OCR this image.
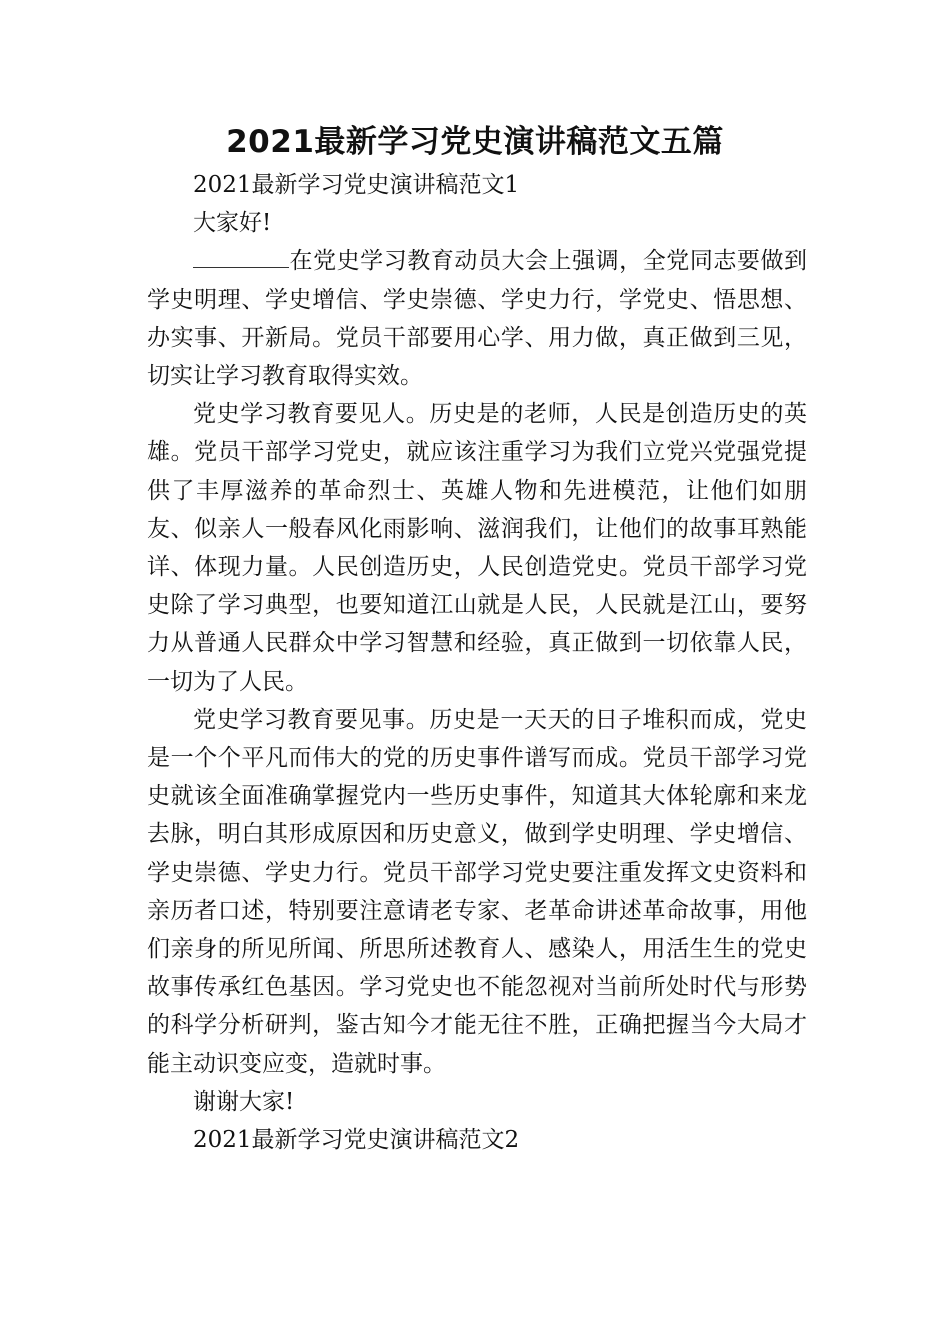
2021最新学习党史演讲稿范文五篇

2021最新学习党史演讲稿范文1

大家好!

在党史学习教育动员大会上强调，全党同志要做到学史明理、学史增信、学史崇德、学史力行，学党史、悟思想、办实事、开新局。党员干部要用心学、用力做，真正做到三见，切实让学习教育取得实效。

党史学习教育要见人。历史是的老师，人民是创造历史的英雄。党员干部学习党史，就应该注重学习为我们立党兴党强党提供了丰厚滋养的革命烈士、英雄人物和先进模范，让他们如朋友、似亲人一般春风化雨影响、滋润我们，让他们的故事耳熟能详、体现力量。人民创造历史，人民创造党史。党员干部学习党史除了学习典型，也要知道江山就是人民，人民就是江山，要努力从普通人民群众中学习智慧和经验，真正做到一切依靠人民，一切为了人民。

党史学习教育要见事。历史是一天天的日子堆积而成，党史是一个个平凡而伟大的党的历史事件谱写而成。党员干部学习党史就该全面准确掌握党内一些历史事件，知道其大体轮廓和来龙去脉，明白其形成原因和历史意义，做到学史明理、学史增信、学史崇德、学史力行。党员干部学习党史要注重发挥文史资料和亲历者口述，特别要注意请老专家、老革命讲述革命故事，用他们亲身的所见所闻、所思所述教育人、感染人，用活生生的党史故事传承红色基因。学习党史也不能忽视对当前所处时代与形势的科学分析研判，鉴古知今才能无往不胜，正确把握当今大局才能主动识变应变，造就时事。

谢谢大家!

2021最新学习党史演讲稿范文2
